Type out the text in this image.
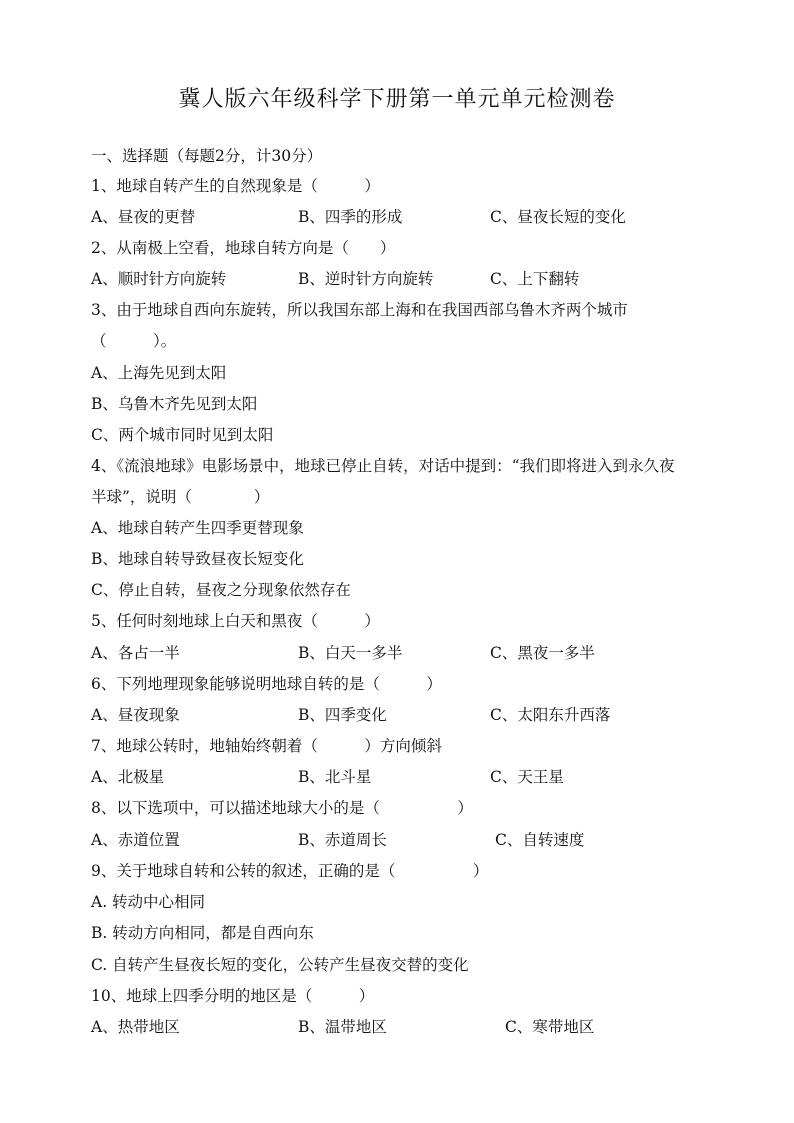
冀人版六年级科学下册第一单元单元检测卷
一、选择题（每题2分，计30分）
1、地球自转产生的自然现象是（　　　）
A、昼夜的更替	B、四季的形成	C、昼夜长短的变化
2、从南极上空看，地球自转方向是（　　）
A、顺时针方向旋转	B、逆时针方向旋转	C、上下翻转
3、由于地球自西向东旋转，所以我国东部上海和在我国西部乌鲁木齐两个城市
（　　　）。
A、上海先见到太阳
B、乌鲁木齐先见到太阳
C、两个城市同时见到太阳
4、《流浪地球》电影场景中，地球已停止自转，对话中提到：“我们即将进入到永久夜
半球”，说明（　　　　）
A、地球自转产生四季更替现象
B、地球自转导致昼夜长短变化
C、停止自转，昼夜之分现象依然存在
5、任何时刻地球上白天和黑夜（　　　）
A、各占一半	B、白天一多半	C、黑夜一多半
6、下列地理现象能够说明地球自转的是（　　　）
A、昼夜现象	B、四季变化	C、太阳东升西落
7、地球公转时，地轴始终朝着（　　　）方向倾斜
A、北极星	B、北斗星	C、天王星
8、以下选项中，可以描述地球大小的是（　　　　　）
A、赤道位置	B、赤道周长	C、自转速度
9、关于地球自转和公转的叙述，正确的是（　　　　　）
A. 转动中心相同
B. 转动方向相同，都是自西向东
C. 自转产生昼夜长短的变化，公转产生昼夜交替的变化
10、地球上四季分明的地区是（　　　）
A、热带地区	B、温带地区	C、寒带地区
